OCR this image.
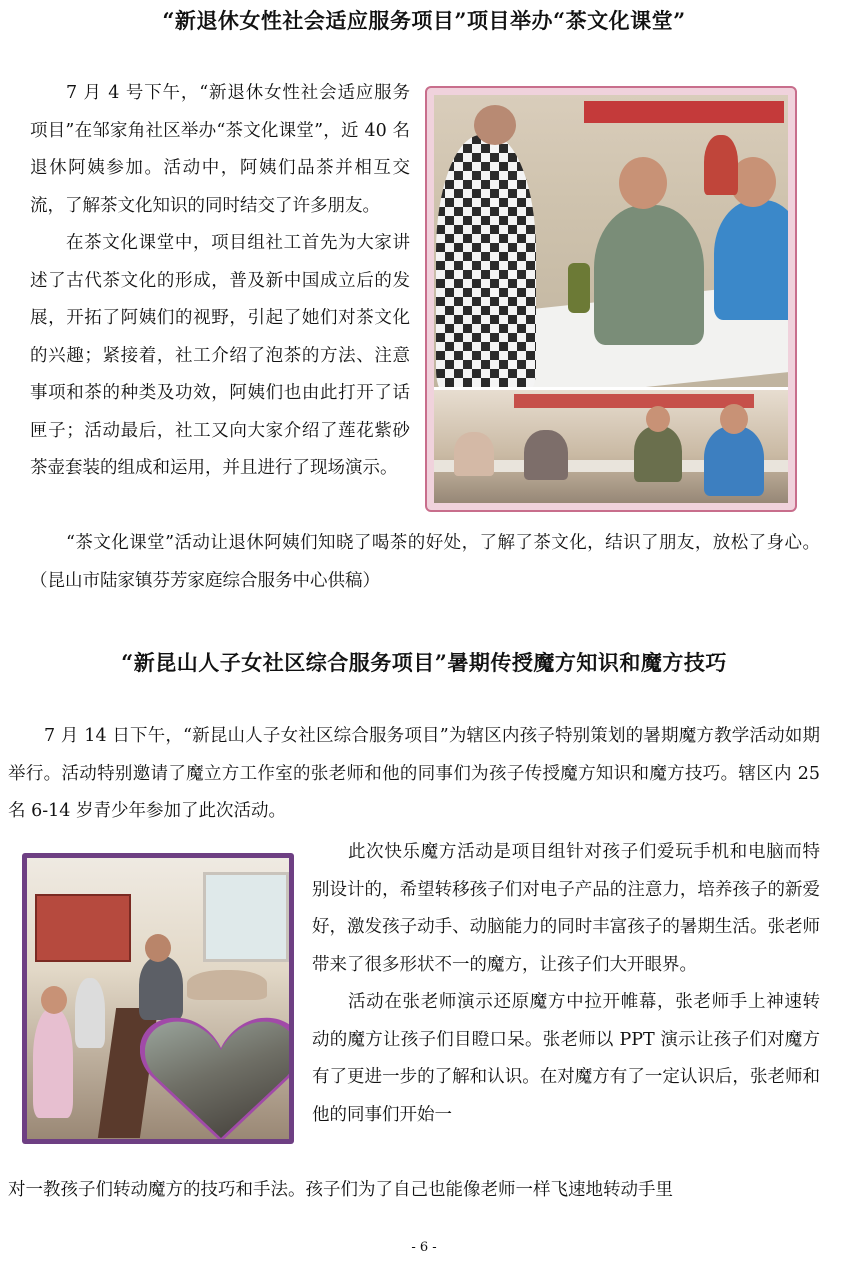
“新退休女性社会适应服务项目”项目举办“茶文化课堂”

7 月 4 号下午，“新退休女性社会适应服务项目”在邹家角社区举办“茶文化课堂”，近 40 名退休阿姨参加。活动中，阿姨们品茶并相互交流，了解茶文化知识的同时结交了许多朋友。

在茶文化课堂中，项目组社工首先为大家讲述了古代茶文化的形成，普及新中国成立后的发展，开拓了阿姨们的视野，引起了她们对茶文化的兴趣；紧接着，社工介绍了泡茶的方法、注意事项和茶的种类及功效，阿姨们也由此打开了话匣子；活动最后，社工又向大家介绍了莲花紫砂茶壶套装的组成和运用，并且进行了现场演示。

“茶文化课堂”活动让退休阿姨们知晓了喝茶的好处，了解了茶文化，结识了朋友，放松了身心。（昆山市陆家镇芬芳家庭综合服务中心供稿）

“新昆山人子女社区综合服务项目”暑期传授魔方知识和魔方技巧

7 月 14 日下午，“新昆山人子女社区综合服务项目”为辖区内孩子特别策划的暑期魔方教学活动如期举行。活动特别邀请了魔立方工作室的张老师和他的同事们为孩子传授魔方知识和魔方技巧。辖区内 25 名 6-14 岁青少年参加了此次活动。

此次快乐魔方活动是项目组针对孩子们爱玩手机和电脑而特别设计的，希望转移孩子们对电子产品的注意力，培养孩子的新爱好，激发孩子动手、动脑能力的同时丰富孩子的暑期生活。张老师带来了很多形状不一的魔方，让孩子们大开眼界。

活动在张老师演示还原魔方中拉开帷幕，张老师手上神速转动的魔方让孩子们目瞪口呆。张老师以 PPT 演示让孩子们对魔方有了更进一步的了解和认识。在对魔方有了一定认识后，张老师和他的同事们开始一

对一教孩子们转动魔方的技巧和手法。孩子们为了自己也能像老师一样飞速地转动手里

- 6 -
